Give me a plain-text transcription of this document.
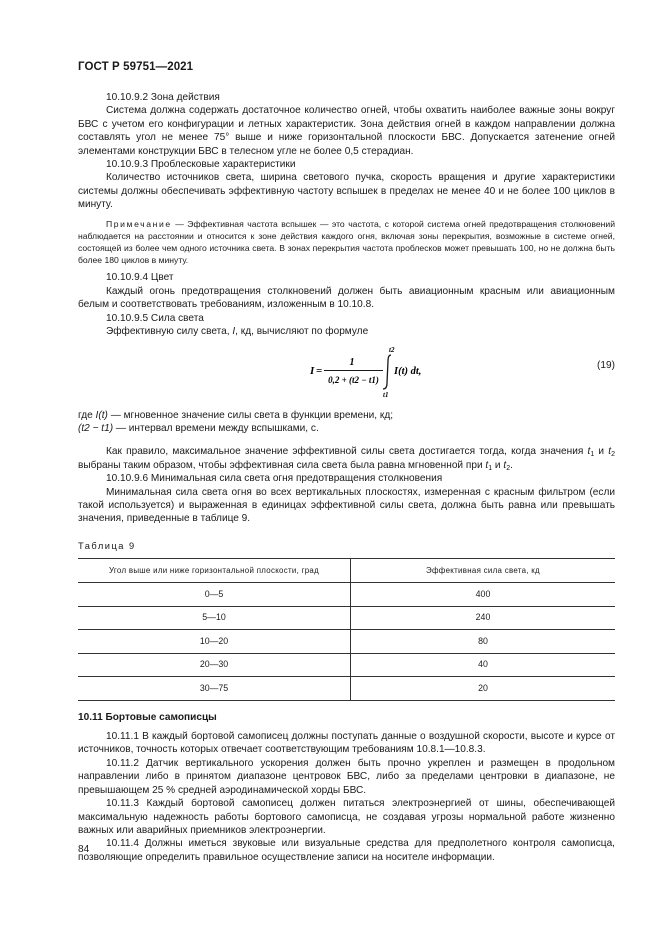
ГОСТ Р 59751—2021

10.10.9.2 Зона действия

Система должна содержать достаточное количество огней, чтобы охватить наиболее важные зоны вокруг БВС с учетом его конфигурации и летных характеристик. Зона действия огней в каждом направлении должна составлять угол не менее 75° выше и ниже горизонтальной плоскости БВС. Допускается затенение огней элементами конструкции БВС в телесном угле не более 0,5 стерадиан.

10.10.9.3 Проблесковые характеристики

Количество источников света, ширина светового пучка, скорость вращения и другие характеристики системы должны обеспечивать эффективную частоту вспышек в пределах не менее 40 и не более 100 циклов в минуту.

Примечание — Эффективная частота вспышек — это частота, с которой система огней предотвращения столкновений наблюдается на расстоянии и относится к зоне действия каждого огня, включая зоны перекрытия, возможные в системе огней, состоящей из более чем одного источника света. В зонах перекрытия частота проблесков может превышать 100, но не должна быть более 180 циклов в минуту.

10.10.9.4 Цвет

Каждый огонь предотвращения столкновений должен быть авиационным красным или авиационным белым и соответствовать требованиям, изложенным в 10.10.8.

10.10.9.5 Сила света

Эффективную силу света, I, кд, вычисляют по формуле

I =
1
0,2 + (t2 − t1)
t2
t1
I(t) dt,
(19)

где I(t) — мгновенное значение силы света в функции времени, кд;

(t2 − t1) — интервал времени между вспышками, с.

Как правило, максимальное значение эффективной силы света достигается тогда, когда значения $t_1$ и $t_2$ выбраны таким образом, чтобы эффективная сила света была равна мгновенной при $t_1$ и $t_2$.

10.10.9.6 Минимальная сила света огня предотвращения столкновения

Минимальная сила света огня во всех вертикальных плоскостях, измеренная с красным фильтром (если такой используется) и выраженная в единицах эффективной силы света, должна быть равна или превышать значения, приведенные в таблице 9.

Таблица 9
Угол выше или ниже горизонтальной плоскости, град	Эффективная сила света, кд
0—5	400
5—10	240
10—20	80
20—30	40
30—75	20

10.11 Бортовые самописцы

10.11.1 В каждый бортовой самописец должны поступать данные о воздушной скорости, высоте и курсе от источников, точность которых отвечает соответствующим требованиям 10.8.1—10.8.3.

10.11.2 Датчик вертикального ускорения должен быть прочно укреплен и размещен в продольном направлении либо в принятом диапазоне центровок БВС, либо за пределами центровки в диапазоне, не превышающем 25 % средней аэродинамической хорды БВС.

10.11.3 Каждый бортовой самописец должен питаться электроэнергией от шины, обеспечивающей максимальную надежность работы бортового самописца, не создавая угрозы нормальной работе жизненно важных или аварийных приемников электроэнергии.

10.11.4 Должны иметься звуковые или визуальные средства для предполетного контроля самописца, позволяющие определить правильное осуществление записи на носителе информации.

84
